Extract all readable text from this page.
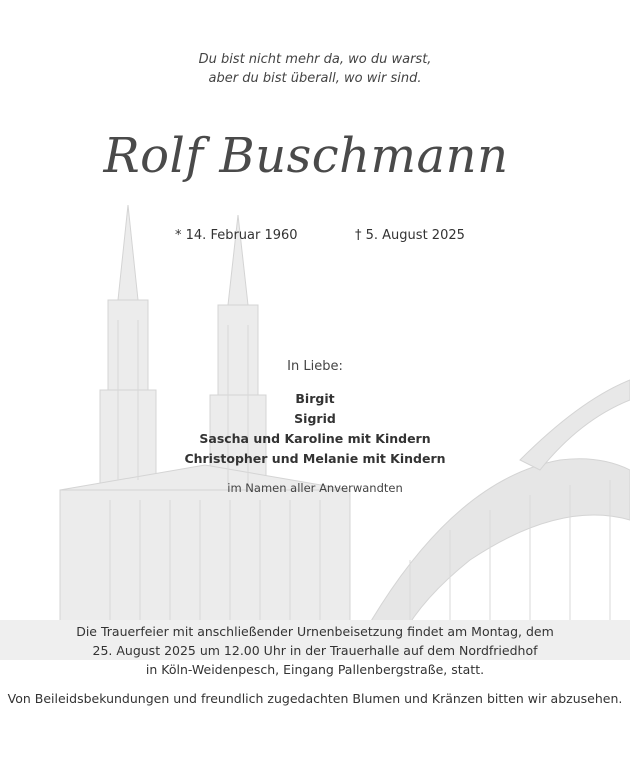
Du bist nicht mehr da, wo du warst,
aber du bist überall, wo wir sind.
Rolf Buschmann
* 14. Februar 1960	† 5. August 2025
In Liebe:
Birgit
Sigrid
Sascha und Karoline mit Kindern
Christopher und Melanie mit Kindern
im Namen aller Anverwandten
Die Trauerfeier mit anschließender Urnenbeisetzung findet am Montag, dem
25. August 2025 um 12.00 Uhr in der Trauerhalle auf dem Nordfriedhof
in Köln-Weidenpesch, Eingang Pallenbergstraße, statt.
Von Beileidsbekundungen und freundlich zugedachten Blumen und Kränzen bitten wir abzusehen.
